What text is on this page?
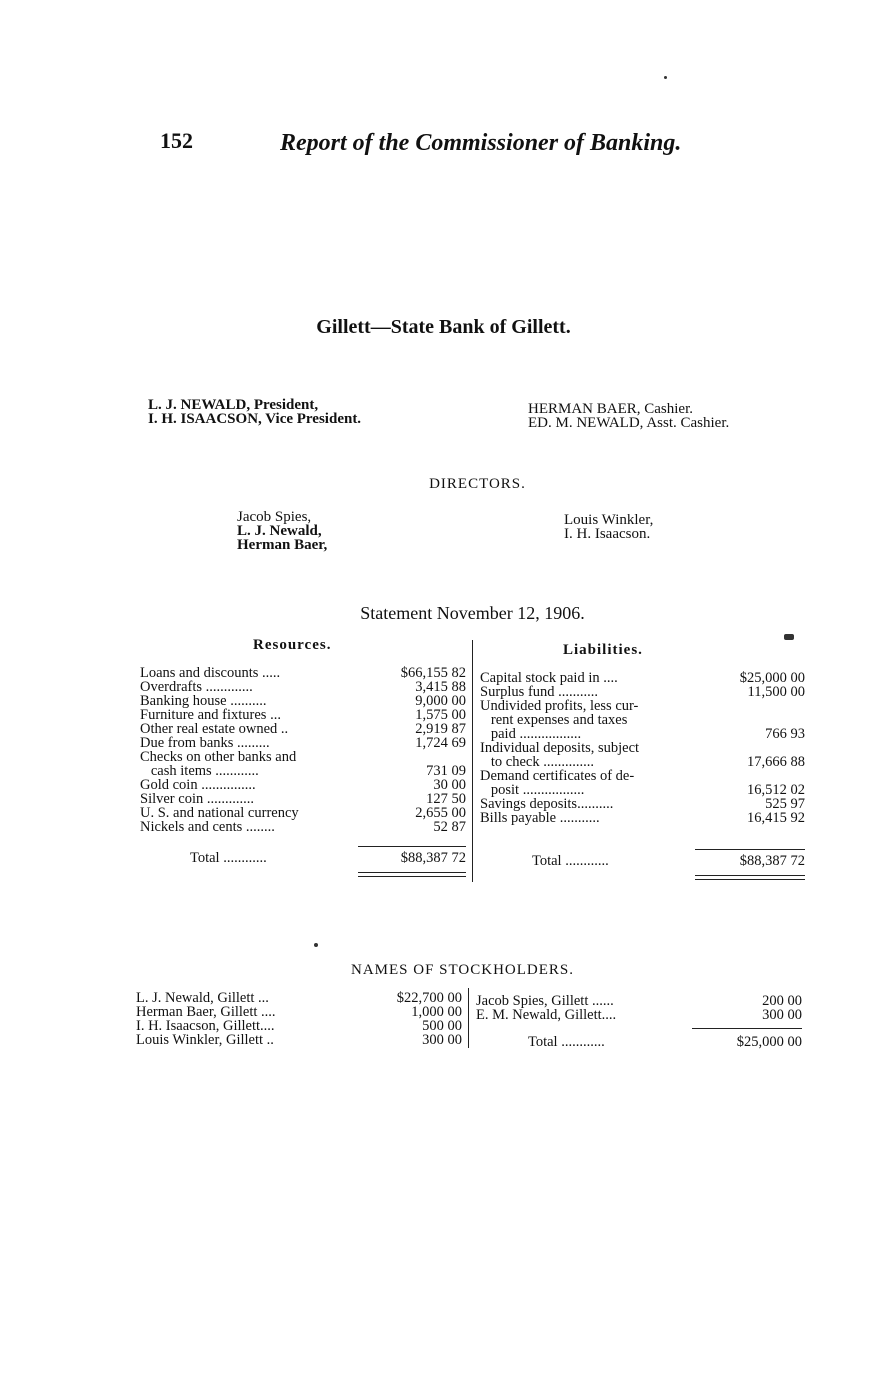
152	Report of the Commissioner of Banking.
Gillett—State Bank of Gillett.
L. J. NEWALD, President,
I. H. ISAACSON, Vice President.
HERMAN BAER, Cashier.
ED. M. NEWALD, Asst. Cashier.
DIRECTORS.
Jacob Spies,
L. J. Newald,
Herman Baer,
Louis Winkler,
I. H. Isaacson.
Statement November 12, 1906.
Resources.	Liabilities.
Loans and discounts .....	$66,155 82
Overdrafts .............	3,415 88
Banking house ..........	9,000 00
Furniture and fixtures ...	1,575 00
Other real estate owned ..	2,919 87
Due from banks .........	1,724 69
Checks on other banks and
cash items ............	731 09
Gold coin ...............	30 00
Silver coin .............	127 50
U. S. and national currency	2,655 00
Nickels and cents ........	52 87
Total ............	$88,387 72
Capital stock paid in ....	$25,000 00
Surplus fund ...........	11,500 00
Undivided profits, less cur-
rent expenses and taxes
paid .................	766 93
Individual deposits, subject
to check ..............	17,666 88
Demand certificates of de-
posit .................	16,512 02
Savings deposits..........	525 97
Bills payable ...........	16,415 92
Total ............	$88,387 72
NAMES OF STOCKHOLDERS.
L. J. Newald, Gillett ...	$22,700 00
Herman Baer, Gillett ....	1,000 00
I. H. Isaacson, Gillett....	500 00
Louis Winkler, Gillett ..	300 00
Jacob Spies, Gillett ......	200 00
E. M. Newald, Gillett....	300 00
Total ............	$25,000 00
